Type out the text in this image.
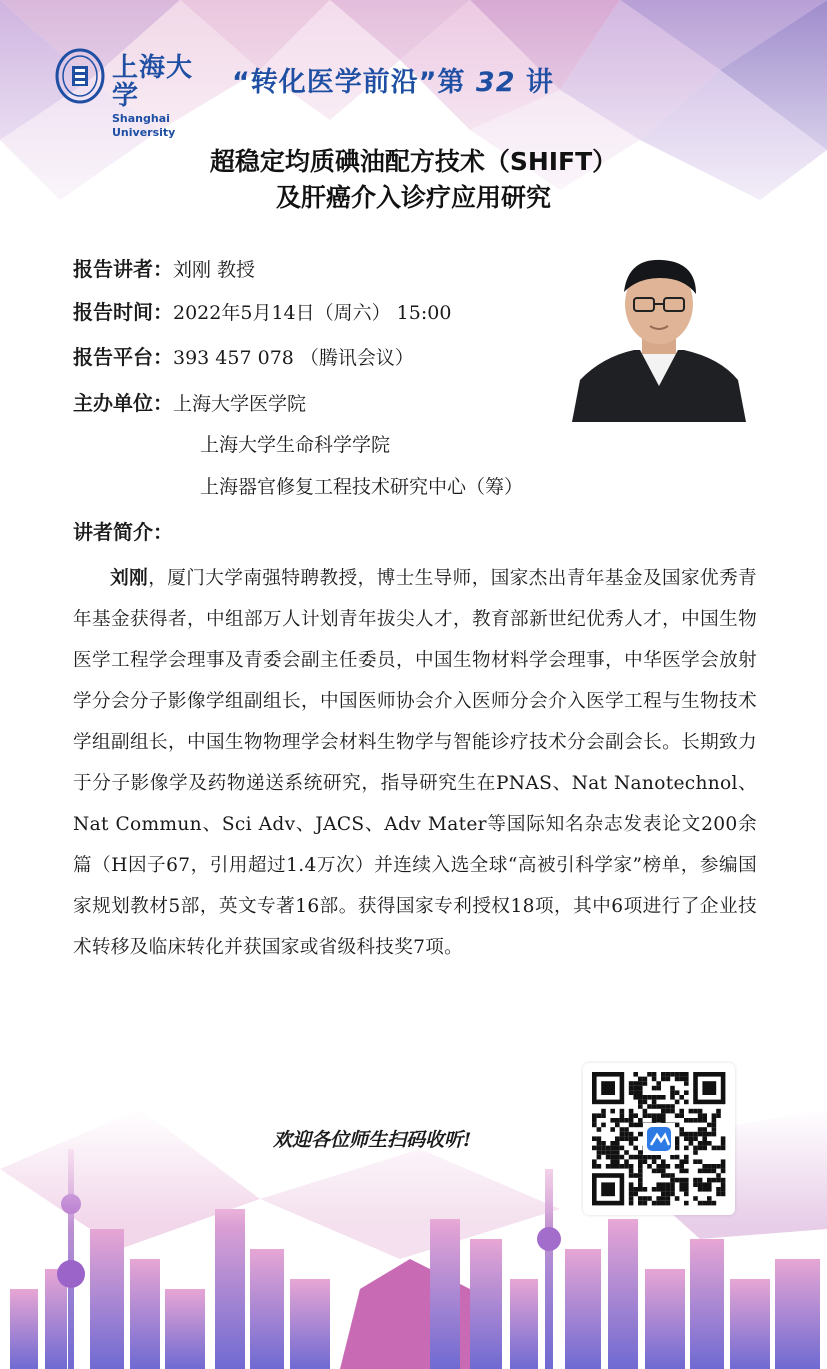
上海大学
Shanghai University
“转化医学前沿”第 32 讲
超稳定均质碘油配方技术（SHIFT）
及肝癌介入诊疗应用研究
报告讲者：刘刚 教授
报告时间：2022年5月14日（周六） 15:00
报告平台：393 457 078 （腾讯会议）
主办单位：上海大学医学院
上海大学生命科学学院
上海器官修复工程技术研究中心（筹）
讲者简介：
刘刚，厦门大学南强特聘教授，博士生导师，国家杰出青年基金及国家优秀青年基金获得者，中组部万人计划青年拔尖人才，教育部新世纪优秀人才，中国生物医学工程学会理事及青委会副主任委员，中国生物材料学会理事，中华医学会放射学分会分子影像学组副组长，中国医师协会介入医师分会介入医学工程与生物技术学组副组长，中国生物物理学会材料生物学与智能诊疗技术分会副会长。长期致力于分子影像学及药物递送系统研究，指导研究生在PNAS、Nat Nanotechnol、 Nat Commun、Sci Adv、JACS、Adv Mater等国际知名杂志发表论文200余篇（H因子67，引用超过1.4万次）并连续入选全球“高被引科学家”榜单，参编国家规划教材5部，英文专著16部。获得国家专利授权18项，其中6项进行了企业技术转移及临床转化并获国家或省级科技奖7项。
欢迎各位师生扫码收听!
